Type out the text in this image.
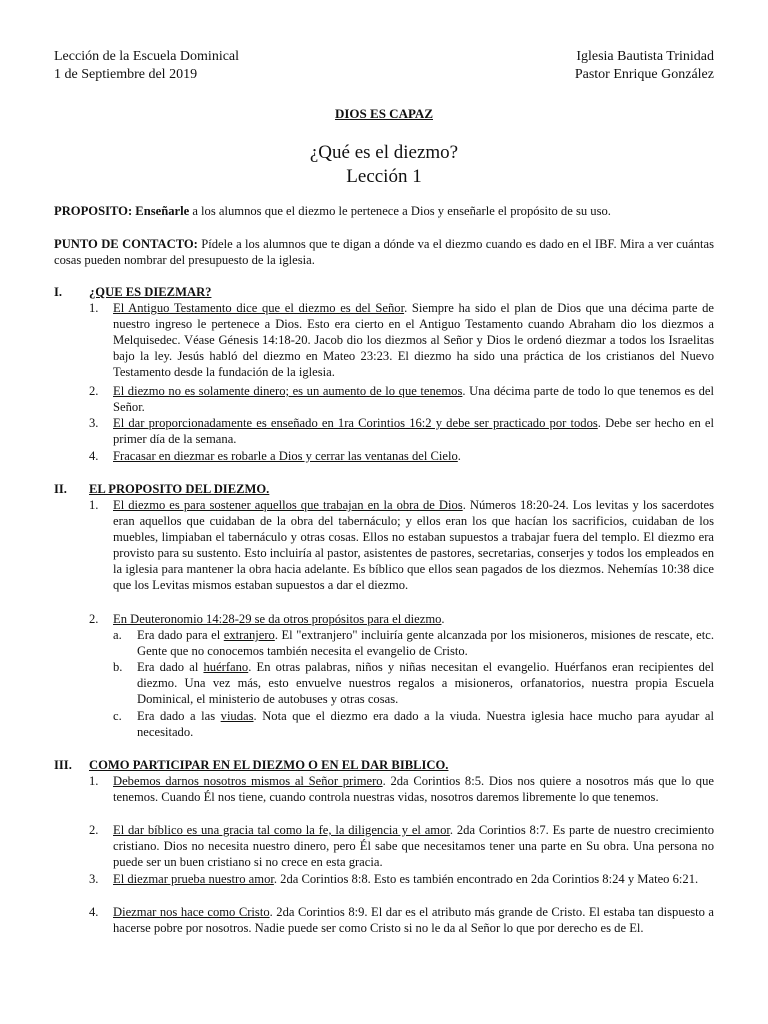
Lección de la Escuela Dominical
1 de Septiembre del 2019
Iglesia Bautista Trinidad
Pastor Enrique González
DIOS ES CAPAZ
¿Qué es el diezmo?
Lección 1
PROPOSITO: Enseñarle a los alumnos que el diezmo le pertenece a Dios y enseñarle el propósito de su uso.
PUNTO DE CONTACTO: Pídele a los alumnos que te digan a dónde va el diezmo cuando es dado en el IBF. Mira a ver cuántas cosas pueden nombrar del presupuesto de la iglesia.
I. ¿QUE ES DIEZMAR?
1. El Antiguo Testamento dice que el diezmo es del Señor. Siempre ha sido el plan de Dios que una décima parte de nuestro ingreso le pertenece a Dios. Esto era cierto en el Antiguo Testamento cuando Abraham dio los diezmos a Melquisedec. Véase Génesis 14:18-20. Jacob dio los diezmos al Señor y Dios le ordenó diezmar a todos los Israelitas bajo la ley. Jesús habló del diezmo en Mateo 23:23. El diezmo ha sido una práctica de los cristianos del Nuevo Testamento desde la fundación de la iglesia.
2. El diezmo no es solamente dinero; es un aumento de lo que tenemos. Una décima parte de todo lo que tenemos es del Señor.
3. El dar proporcionadamente es enseñado en 1ra Corintios 16:2 y debe ser practicado por todos. Debe ser hecho en el primer día de la semana.
4. Fracasar en diezmar es robarle a Dios y cerrar las ventanas del Cielo.
II. EL PROPOSITO DEL DIEZMO.
1. El diezmo es para sostener aquellos que trabajan en la obra de Dios. Números 18:20-24. Los levitas y los sacerdotes eran aquellos que cuidaban de la obra del tabernáculo; y ellos eran los que hacían los sacrificios, cuidaban de los muebles, limpiaban el tabernáculo y otras cosas. Ellos no estaban supuestos a trabajar fuera del templo. El diezmo era provisto para su sustento. Esto incluiría al pastor, asistentes de pastores, secretarias, conserjes y todos los empleados en la iglesia para mantener la obra hacia adelante. Es bíblico que ellos sean pagados de los diezmos. Nehemías 10:38 dice que los Levitas mismos estaban supuestos a dar el diezmo.
2. En Deuteronomio 14:28-29 se da otros propósitos para el diezmo.
a. Era dado para el extranjero. El "extranjero" incluiría gente alcanzada por los misioneros, misiones de rescate, etc. Gente que no conocemos también necesita el evangelio de Cristo.
b. Era dado al huérfano. En otras palabras, niños y niñas necesitan el evangelio. Huérfanos eran recipientes del diezmo. Una vez más, esto envuelve nuestros regalos a misioneros, orfanatorios, nuestra propia Escuela Dominical, el ministerio de autobuses y otras cosas.
c. Era dado a las viudas. Nota que el diezmo era dado a la viuda. Nuestra iglesia hace mucho para ayudar al necesitado.
III. COMO PARTICIPAR EN EL DIEZMO O EN EL DAR BIBLICO.
1. Debemos darnos nosotros mismos al Señor primero. 2da Corintios 8:5. Dios nos quiere a nosotros más que lo que tenemos. Cuando Él nos tiene, cuando controla nuestras vidas, nosotros daremos libremente lo que tenemos.
2. El dar bíblico es una gracia tal como la fe, la diligencia y el amor. 2da Corintios 8:7. Es parte de nuestro crecimiento cristiano. Dios no necesita nuestro dinero, pero Él sabe que necesitamos tener una parte en Su obra. Una persona no puede ser un buen cristiano si no crece en esta gracia.
3. El diezmar prueba nuestro amor. 2da Corintios 8:8. Esto es también encontrado en 2da Corintios 8:24 y Mateo 6:21.
4. Diezmar nos hace como Cristo. 2da Corintios 8:9. El dar es el atributo más grande de Cristo. El estaba tan dispuesto a hacerse pobre por nosotros. Nadie puede ser como Cristo si no le da al Señor lo que por derecho es de El.
